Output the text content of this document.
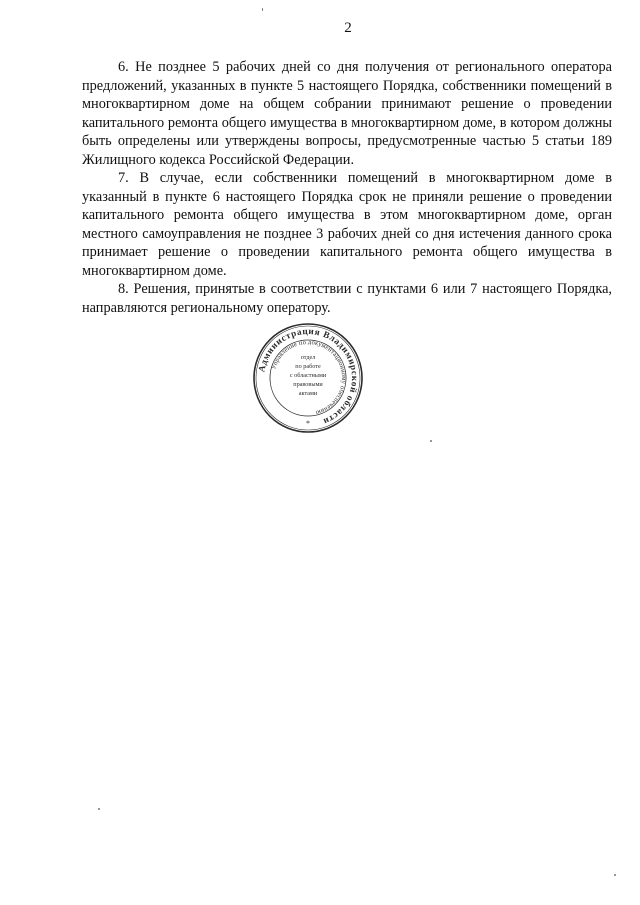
2

6. Не позднее 5 рабочих дней со дня получения от регионального оператора предложений, указанных в пункте 5 настоящего Порядка, собственники помещений в многоквартирном доме на общем собрании принимают решение о проведении капитального ремонта общего имущества в многоквартирном доме, в котором должны быть определены или утверждены вопросы, предусмотренные частью 5 статьи 189 Жилищного кодекса Российской Федерации.

7. В случае, если собственники помещений в многоквартирном доме в указанный в пункте 6 настоящего Порядка срок не приняли решение о проведении капитального ремонта общего имущества в этом многоквартирном доме, орган местного самоуправления не позднее 3 рабочих дней со дня истечения данного срока принимает решение о проведении капитального ремонта общего имущества в многоквартирном доме.

8. Решения, принятые в соответствии с пунктами 6 или 7 настоящего Порядка, направляются региональному оператору.

Администрация Владимирской области
Управление по документационному обеспечению
отдел
по работе
с областными
правовыми
актами
*
